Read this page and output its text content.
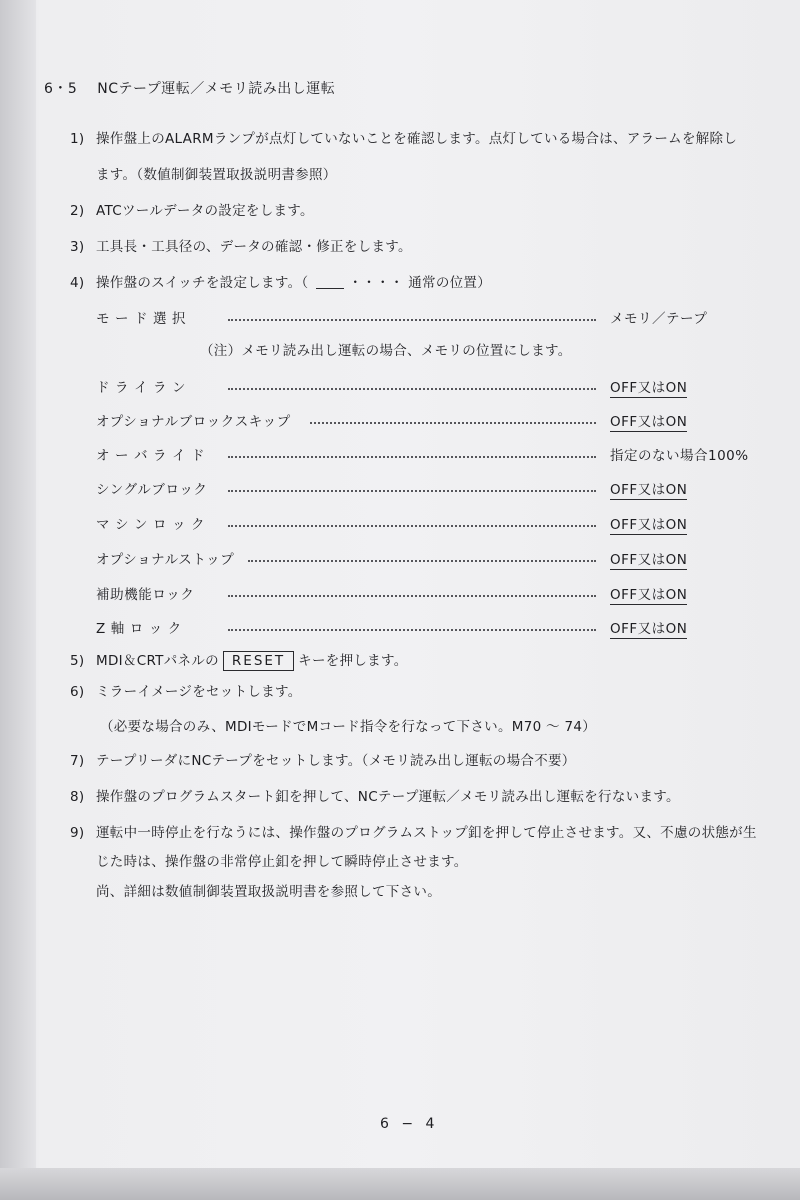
6・5 NCテープ運転／メモリ読み出し運転
1) 操作盤上のALARMランプが点灯していないことを確認します。点灯している場合は、アラームを解除し
ます。（数値制御装置取扱説明書参照）
2) ATCツールデータの設定をします。
3) 工具長・工具径の、データの確認・修正をします。
4) 操作盤のスイッチを設定します。（	・・・・ 通常の位置）
モ ー ド 選 択	メモリ／テープ
（注）メモリ読み出し運転の場合、メモリの位置にします。
ド ラ イ ラ ン	OFF又はON
オプショナルブロックスキップ	OFF又はON
オ ー バ ラ イ ド	指定のない場合100%
シングルブロック	OFF又はON
マ シ ン ロ ッ ク	OFF又はON
オプショナルストップ	OFF又はON
補助機能ロック	OFF又はON
Z 軸 ロ ッ ク	OFF又はON
5) MDI＆CRTパネルの RESET キーを押します。
6) ミラーイメージをセットします。
（必要な場合のみ、MDIモードでMコード指令を行なって下さい。M70 ～ 74）
7) テープリーダにNCテープをセットします。（メモリ読み出し運転の場合不要）
8) 操作盤のプログラムスタート釦を押して、NCテープ運転／メモリ読み出し運転を行ないます。
9) 運転中一時停止を行なうには、操作盤のプログラムストップ釦を押して停止させます。又、不慮の状態が生
じた時は、操作盤の非常停止釦を押して瞬時停止させます。
尚、詳細は数値制御装置取扱説明書を参照して下さい。
6 − 4
